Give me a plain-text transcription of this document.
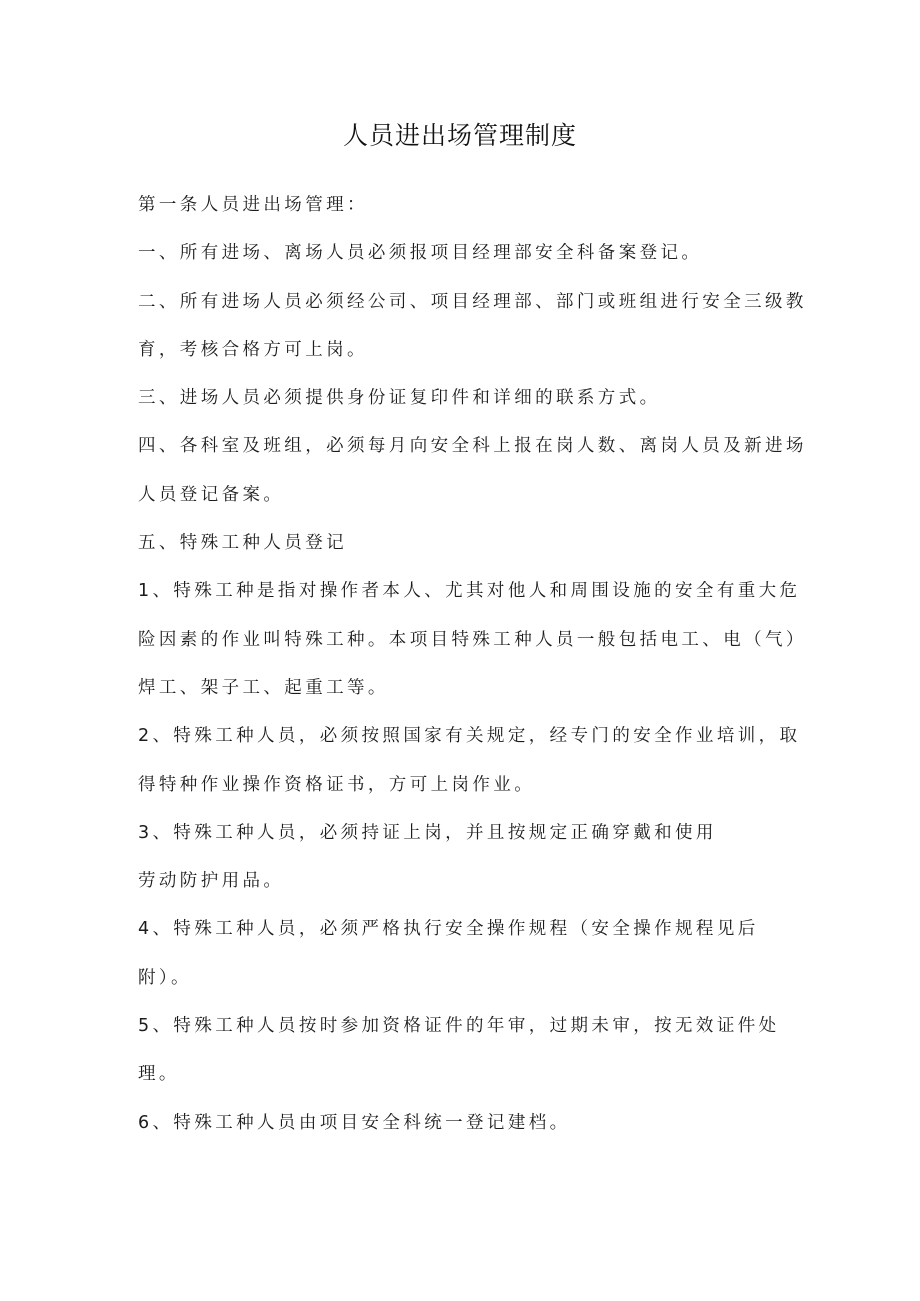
人员进出场管理制度
第一条人员进出场管理：
一、所有进场、离场人员必须报项目经理部安全科备案登记。
二、所有进场人员必须经公司、项目经理部、部门或班组进行安全三级教
育，考核合格方可上岗。
三、进场人员必须提供身份证复印件和详细的联系方式。
四、各科室及班组，必须每月向安全科上报在岗人数、离岗人员及新进场
人员登记备案。
五、特殊工种人员登记
1、特殊工种是指对操作者本人、尤其对他人和周围设施的安全有重大危
险因素的作业叫特殊工种。本项目特殊工种人员一般包括电工、电（气）
焊工、架子工、起重工等。
2、特殊工种人员，必须按照国家有关规定，经专门的安全作业培训，取
得特种作业操作资格证书，方可上岗作业。
3、特殊工种人员，必须持证上岗，并且按规定正确穿戴和使用
劳动防护用品。
4、特殊工种人员，必须严格执行安全操作规程（安全操作规程见后
附）。
5、特殊工种人员按时参加资格证件的年审，过期未审，按无效证件处
理。
6、特殊工种人员由项目安全科统一登记建档。
